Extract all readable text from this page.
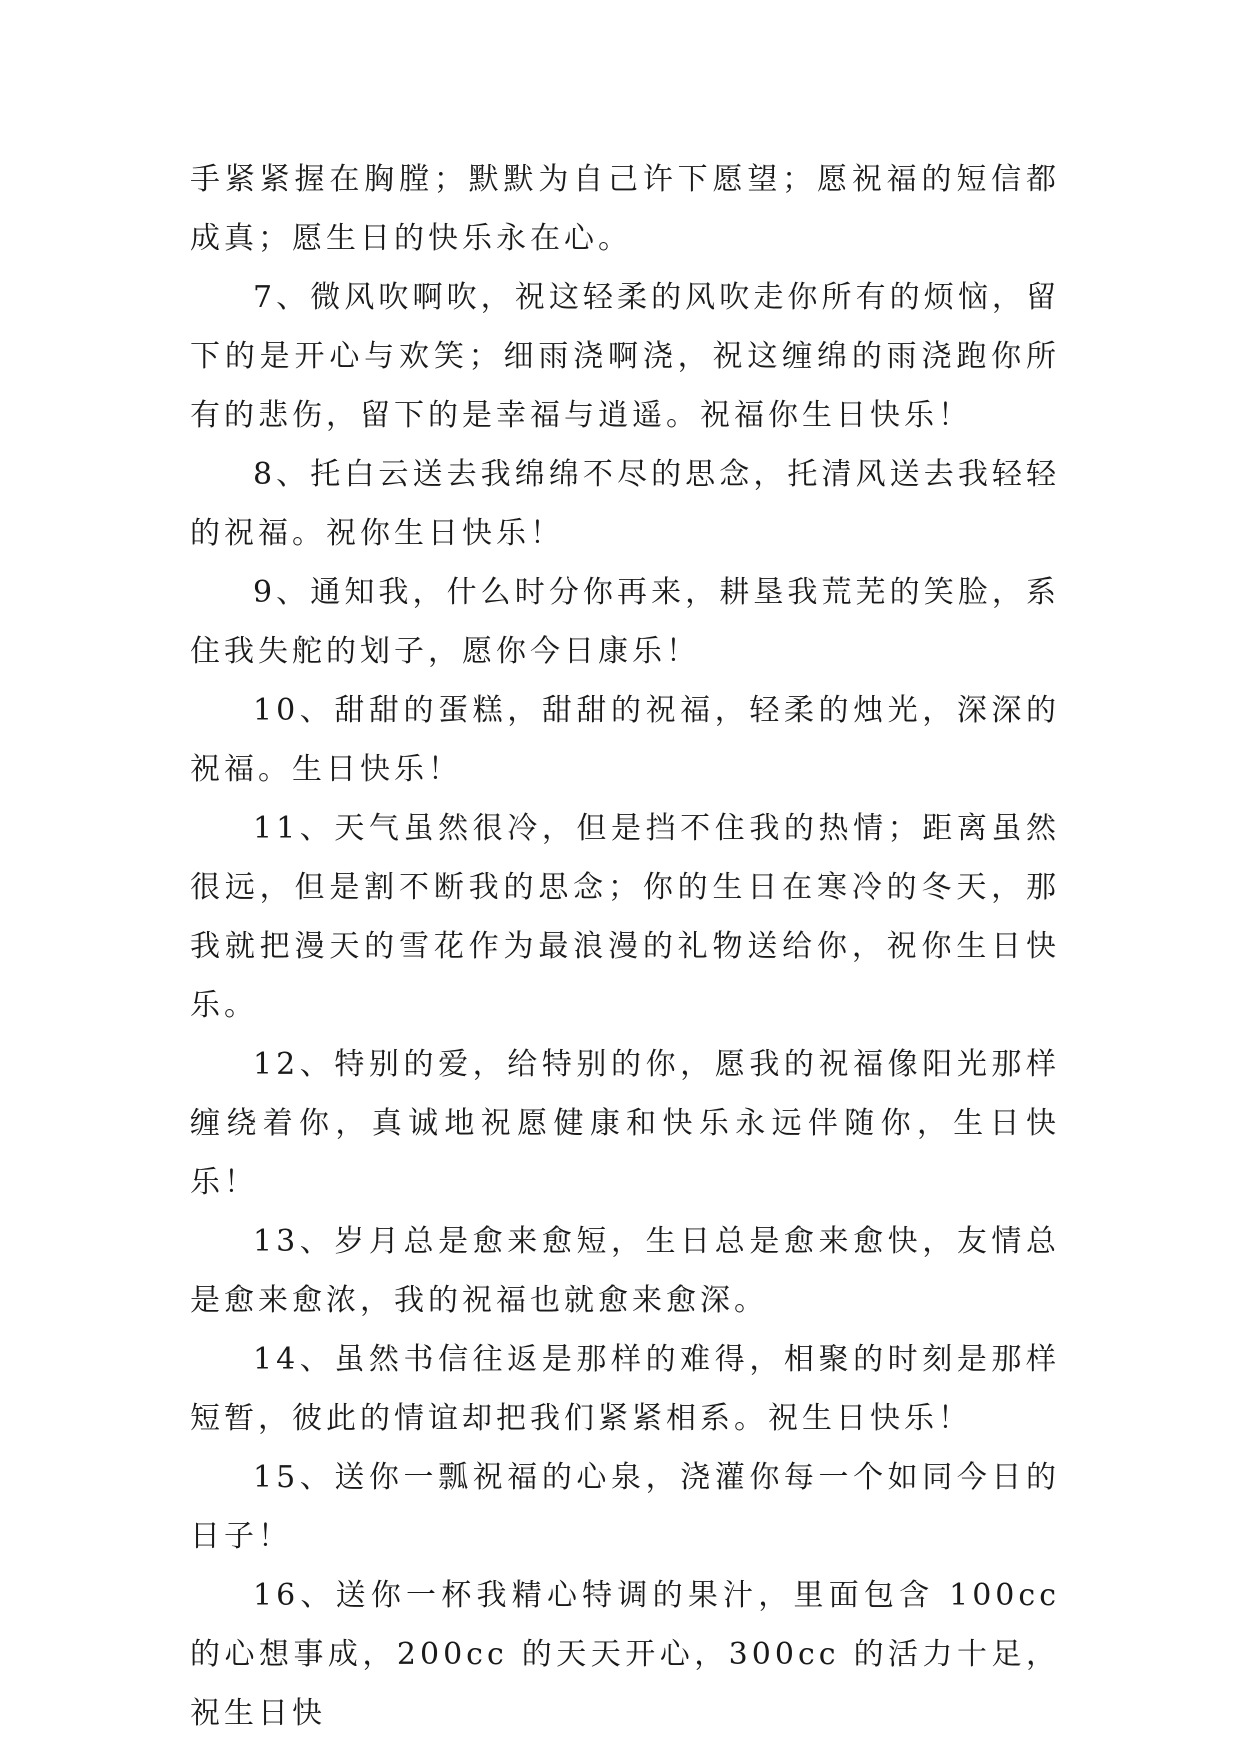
手紧紧握在胸膛；默默为自己许下愿望；愿祝福的短信都成真；愿生日的快乐永在心。

7、微风吹啊吹，祝这轻柔的风吹走你所有的烦恼，留下的是开心与欢笑；细雨浇啊浇，祝这缠绵的雨浇跑你所有的悲伤，留下的是幸福与逍遥。祝福你生日快乐！

8、托白云送去我绵绵不尽的思念，托清风送去我轻轻的祝福。祝你生日快乐！

9、通知我，什么时分你再来，耕垦我荒芜的笑脸，系住我失舵的划子，愿你今日康乐！

10、甜甜的蛋糕，甜甜的祝福，轻柔的烛光，深深的祝福。生日快乐！

11、天气虽然很冷，但是挡不住我的热情；距离虽然很远，但是割不断我的思念；你的生日在寒冷的冬天，那我就把漫天的雪花作为最浪漫的礼物送给你，祝你生日快乐。

12、特别的爱，给特别的你，愿我的祝福像阳光那样缠绕着你，真诚地祝愿健康和快乐永远伴随你，生日快乐！

13、岁月总是愈来愈短，生日总是愈来愈快，友情总是愈来愈浓，我的祝福也就愈来愈深。

14、虽然书信往返是那样的难得，相聚的时刻是那样短暂，彼此的情谊却把我们紧紧相系。祝生日快乐！

15、送你一瓢祝福的心泉，浇灌你每一个如同今日的日子！

16、送你一杯我精心特调的果汁，里面包含 100cc 的心想事成，200cc 的天天开心，300cc 的活力十足，祝生日快
